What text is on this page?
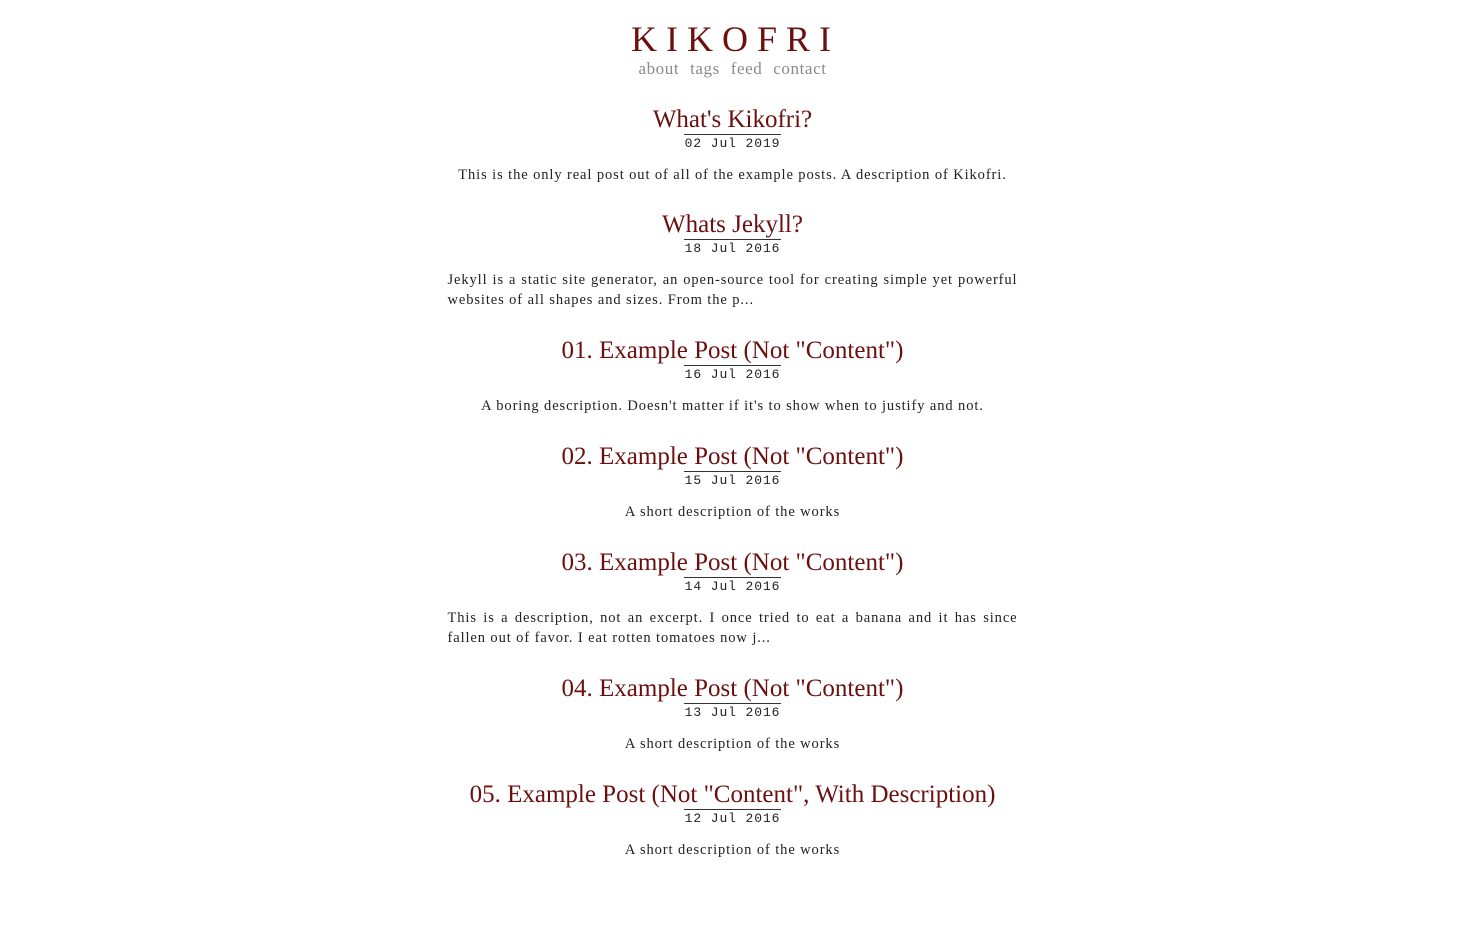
KIKOFRI
about tags feed contact
What's Kikofri?
02 Jul 2019

This is the only real post out of all of the example posts. A description of Kikofri.

Whats Jekyll?
18 Jul 2016

Jekyll is a static site generator, an open-source tool for creating simple yet powerful websites of all shapes and sizes. From the p...

01. Example Post (Not "Content")
16 Jul 2016

A boring description. Doesn't matter if it's to show when to justify and not.

02. Example Post (Not "Content")
15 Jul 2016

A short description of the works

03. Example Post (Not "Content")
14 Jul 2016

This is a description, not an excerpt. I once tried to eat a banana and it has since fallen out of favor. I eat rotten tomatoes now j...

04. Example Post (Not "Content")
13 Jul 2016

A short description of the works

05. Example Post (Not "Content", With Description)
12 Jul 2016

A short description of the works
